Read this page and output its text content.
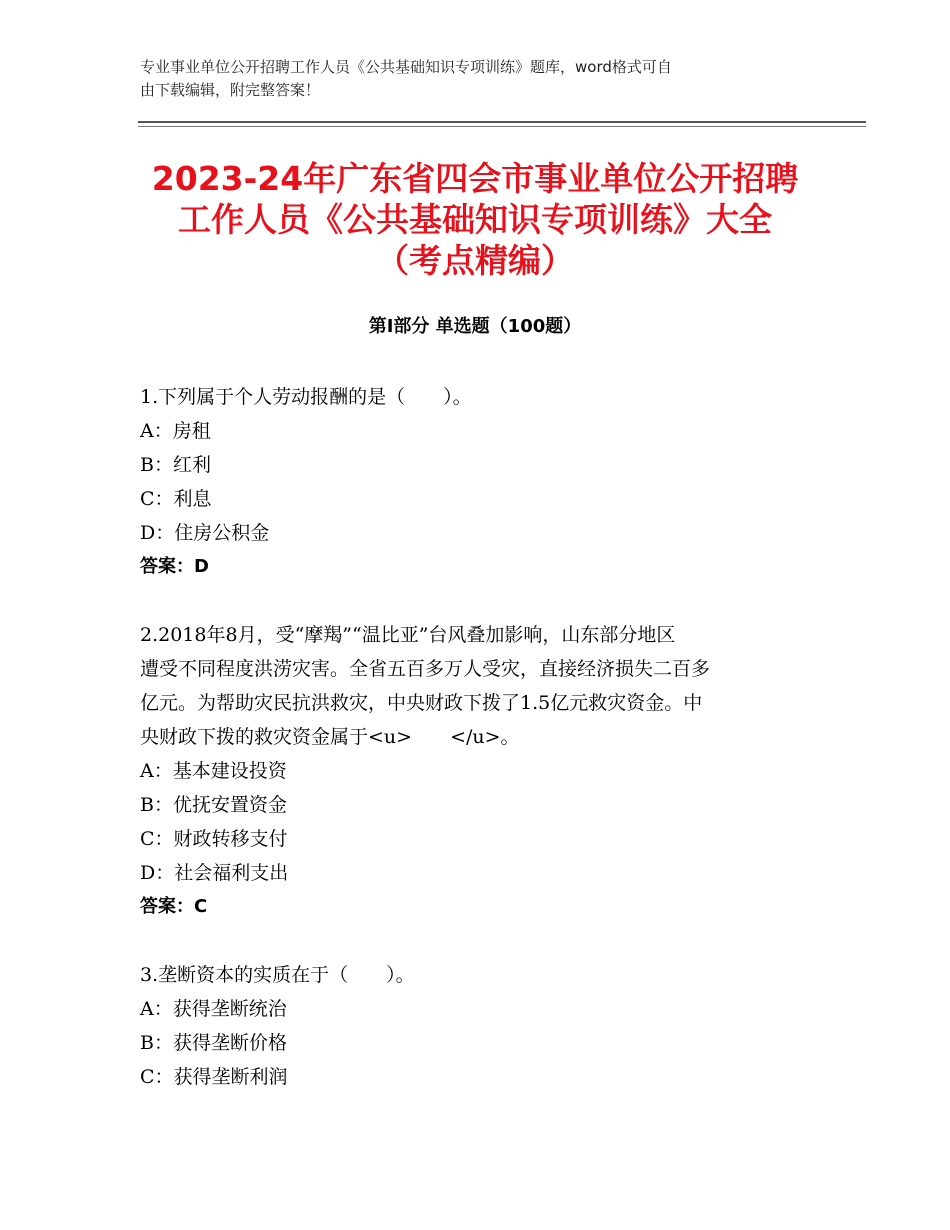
专业事业单位公开招聘工作人员《公共基础知识专项训练》题库，word格式可自
由下载编辑，附完整答案！
2023-24年广东省四会市事业单位公开招聘
工作人员《公共基础知识专项训练》大全
（考点精编）
第Ⅰ部分 单选题（100题）

1.下列属于个人劳动报酬的是（　　）。

A：房租

B：红利

C：利息

D：住房公积金

答案：D

2.2018年8月，受“摩羯”“温比亚”台风叠加影响，山东部分地区

遭受不同程度洪涝灾害。全省五百多万人受灾，直接经济损失二百多

亿元。为帮助灾民抗洪救灾，中央财政下拨了1.5亿元救灾资金。中

央财政下拨的救灾资金属于<u>　　</u>。

A：基本建设投资

B：优抚安置资金

C：财政转移支付

D：社会福利支出

答案：C

3.垄断资本的实质在于（　　）。

A：获得垄断统治

B：获得垄断价格

C：获得垄断利润
